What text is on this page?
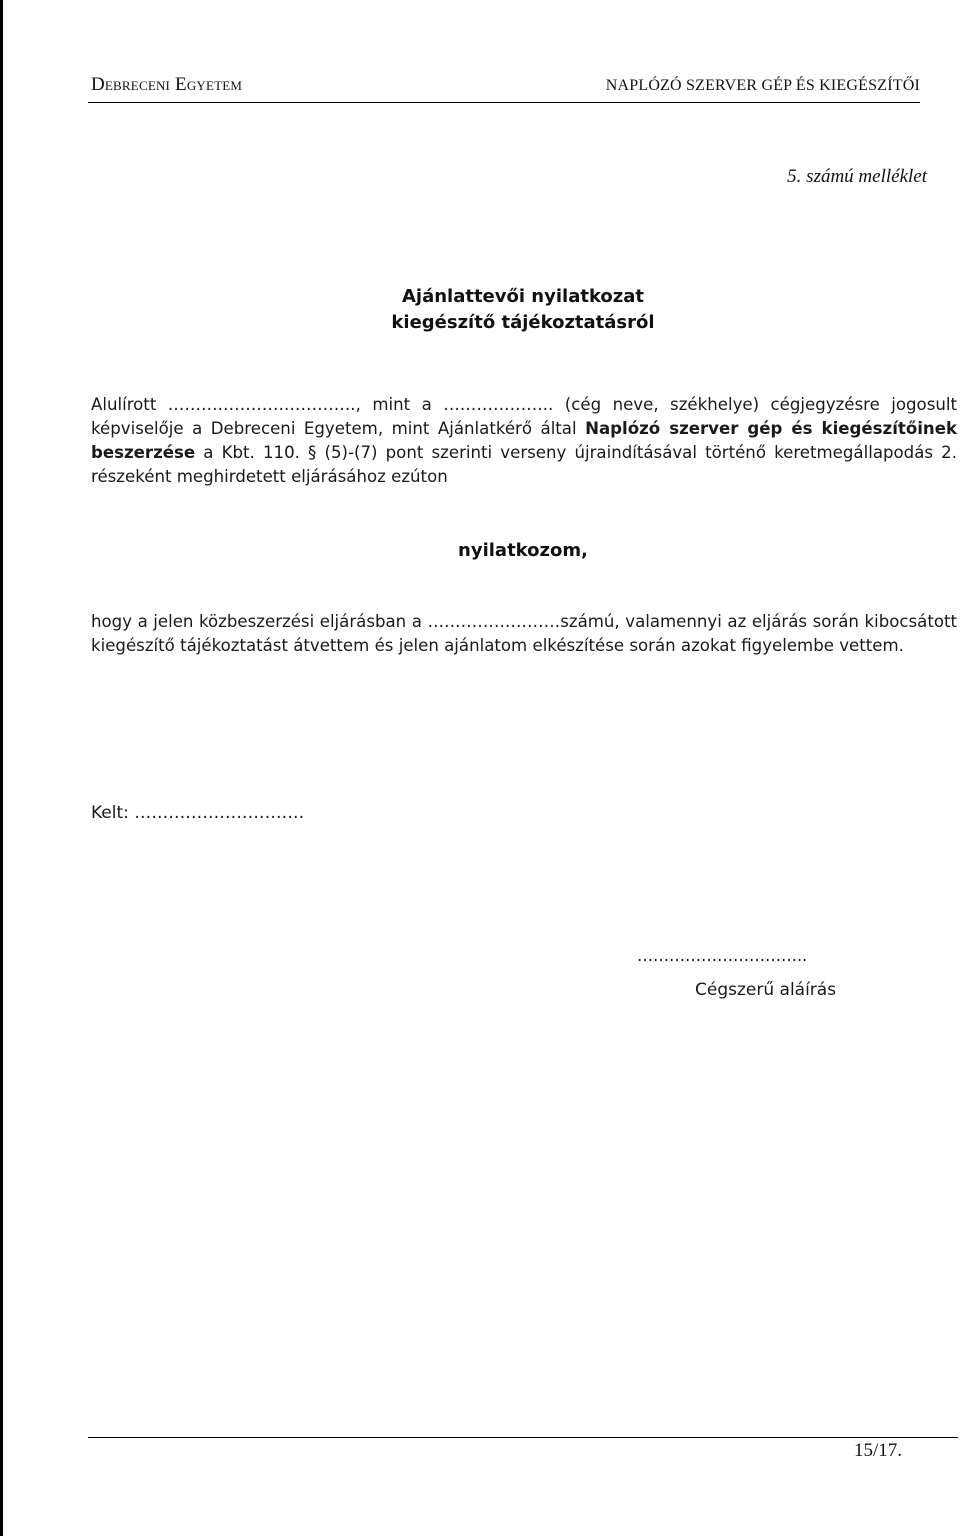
Debreceni Egyetem	NAPLÓZÓ SZERVER GÉP ÉS KIEGÉSZÍTŐI
5. számú melléklet
Ajánlattevői nyilatkozat
kiegészítő tájékoztatásról
Alulírott ……………………………., mint a ……………….. (cég neve, székhelye) cégjegyzésre jogosult képviselője a Debreceni Egyetem, mint Ajánlatkérő által Naplózó szerver gép és kiegészítőinek beszerzése a Kbt. 110. § (5)-(7) pont szerinti verseny újraindításával történő keretmegállapodás 2. részeként meghirdetett eljárásához ezúton
nyilatkozom,
hogy a jelen közbeszerzési eljárásban a ……………………számú, valamennyi az eljárás során kibocsátott kiegészítő tájékoztatást átvettem és jelen ajánlatom elkészítése során azokat figyelembe vettem.
Kelt: …………………………
…………………………..
Cégszerű aláírás
15/17.
